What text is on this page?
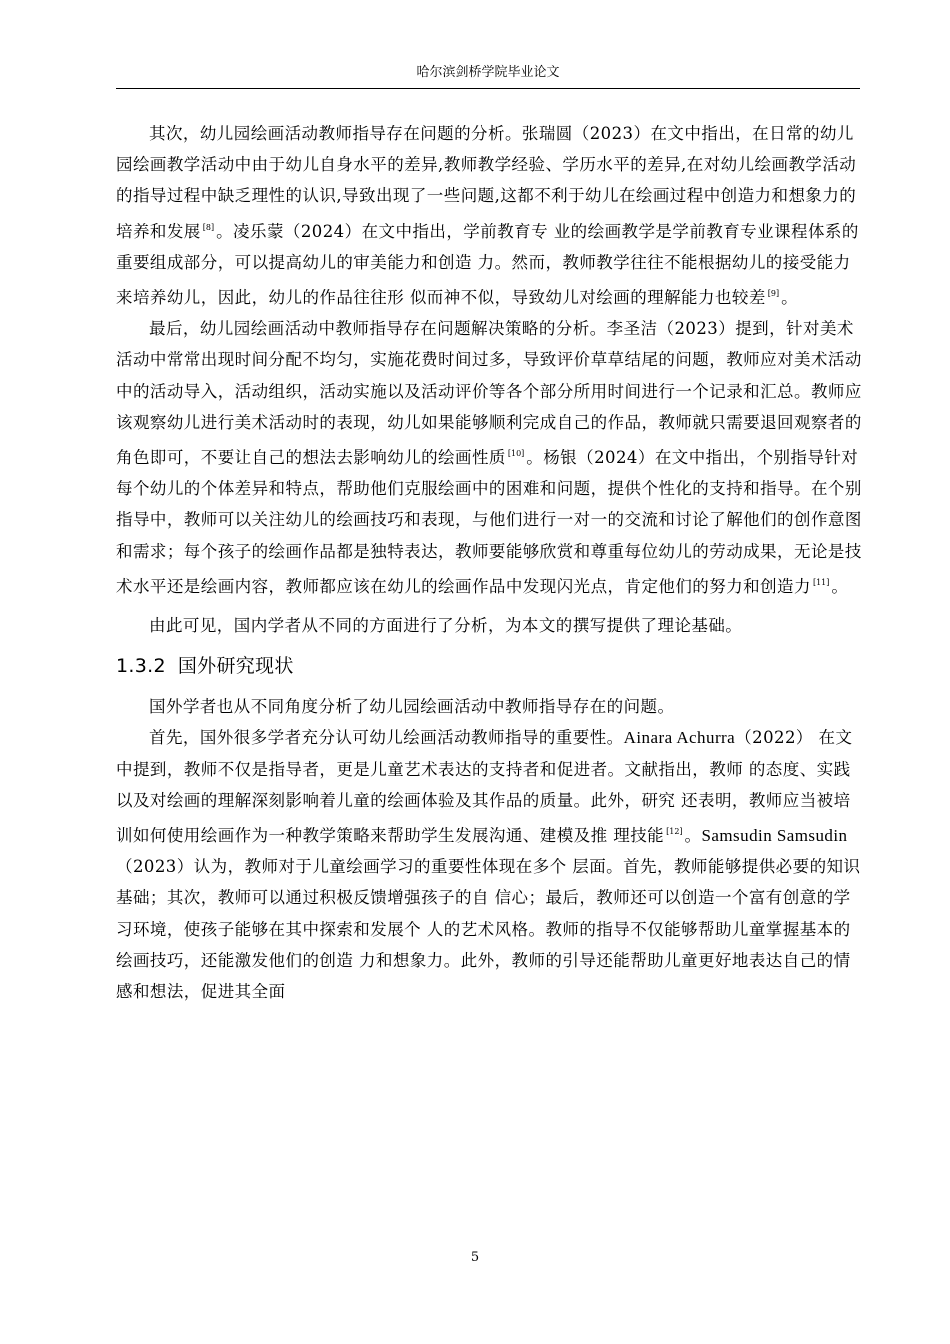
哈尔滨剑桥学院毕业论文

其次，幼儿园绘画活动教师指导存在问题的分析。张瑞圆（2023）在文中指出，在日常的幼儿园绘画教学活动中由于幼儿自身水平的差异,教师教学经验、学历水平的差异,在对幼儿绘画教学活动的指导过程中缺乏理性的认识,导致出现了一些问题,这都不利于幼儿在绘画过程中创造力和想象力的培养和发展 [8] 。凌乐蒙（2024）在文中指出，学前教育专 业的绘画教学是学前教育专业课程体系的重要组成部分，可以提高幼儿的审美能力和创造 力。然而，教师教学往往不能根据幼儿的接受能力来培养幼儿，因此，幼儿的作品往往形 似而神不似，导致幼儿对绘画的理解能力也较差 [9] 。

最后，幼儿园绘画活动中教师指导存在问题解决策略的分析。李圣洁（2023）提到，针对美术活动中常常出现时间分配不均匀，实施花费时间过多，导致评价草草结尾的问题，教师应对美术活动中的活动导入，活动组织，活动实施以及活动评价等各个部分所用时间进行一个记录和汇总。教师应该观察幼儿进行美术活动时的表现，幼儿如果能够顺利完成自己的作品，教师就只需要退回观察者的角色即可，不要让自己的想法去影响幼儿的绘画性质 [10] 。杨银（2024）在文中指出，个别指导针对每个幼儿的个体差异和特点，帮助他们克服绘画中的困难和问题，提供个性化的支持和指导。在个别指导中，教师可以关注幼儿的绘画技巧和表现，与他们进行一对一的交流和讨论了解他们的创作意图和需求；每个孩子的绘画作品都是独特表达，教师要能够欣赏和尊重每位幼儿的劳动成果，无论是技术水平还是绘画内容，教师都应该在幼儿的绘画作品中发现闪光点，肯定他们的努力和创造力 [11] 。

由此可见，国内学者从不同的方面进行了分析，为本文的撰写提供了理论基础。

1.3.2 国外研究现状

国外学者也从不同角度分析了幼儿园绘画活动中教师指导存在的问题。

首先，国外很多学者充分认可幼儿绘画活动教师指导的重要性。Ainara Achurra（2022） 在文中提到，教师不仅是指导者，更是儿童艺术表达的支持者和促进者。文献指出，教师 的态度、实践以及对绘画的理解深刻影响着儿童的绘画体验及其作品的质量。此外，研究 还表明，教师应当被培训如何使用绘画作为一种教学策略来帮助学生发展沟通、建模及推 理技能 [12] 。Samsudin Samsudin（2023）认为，教师对于儿童绘画学习的重要性体现在多个 层面。首先，教师能够提供必要的知识基础；其次，教师可以通过积极反馈增强孩子的自 信心；最后，教师还可以创造一个富有创意的学习环境，使孩子能够在其中探索和发展个 人的艺术风格。教师的指导不仅能够帮助儿童掌握基本的绘画技巧，还能激发他们的创造 力和想象力。此外，教师的引导还能帮助儿童更好地表达自己的情感和想法，促进其全面

5
